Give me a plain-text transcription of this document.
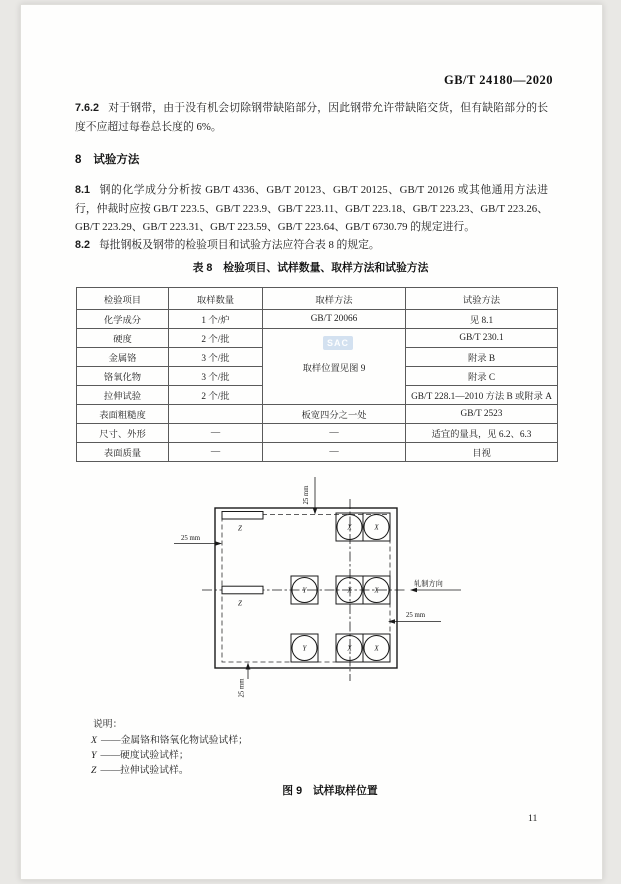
GB/T 24180—2020

7.6.2 对于钢带，由于没有机会切除钢带缺陷部分，因此钢带允许带缺陷交货，但有缺陷部分的长度不应超过每卷总长度的 6%。

8 试验方法

8.1 钢的化学成分分析按 GB/T 4336、GB/T 20123、GB/T 20125、GB/T 20126 或其他通用方法进行，仲裁时应按 GB/T 223.5、GB/T 223.9、GB/T 223.11、GB/T 223.18、GB/T 223.23、GB/T 223.26、GB/T 223.29、GB/T 223.31、GB/T 223.59、GB/T 223.64、GB/T 6730.79 的规定进行。

8.2 每批钢板及钢带的检验项目和试验方法应符合表 8 的规定。

表 8　检验项目、试样数量、取样方法和试验方法
检验项目	取样数量	取样方法	试验方法
化学成分	1 个/炉	GB/T 20066	见 8.1
硬度	2 个/批	取样位置见图 9	GB/T 230.1
金属铬	3 个/批		附录 B
铬氧化物	3 个/批		附录 C
拉伸试验	2 个/批		GB/T 228.1—2010 方法 B 或附录 A
表面粗糙度		板宽四分之一处	GB/T 2523
尺寸、外形	—	—	适宜的量具，见 6.2、6.3
表面质量	—	—	目视
SAC
25 mm
25 mm
25 mm
25 mm
轧制方向
Z
Z
X	X
Y	X	X
Y	X	X
说明：
X ——金属铬和铬氧化物试验试样；
Y ——硬度试验试样；
Z ——拉伸试验试样。
图 9　试样取样位置
11
